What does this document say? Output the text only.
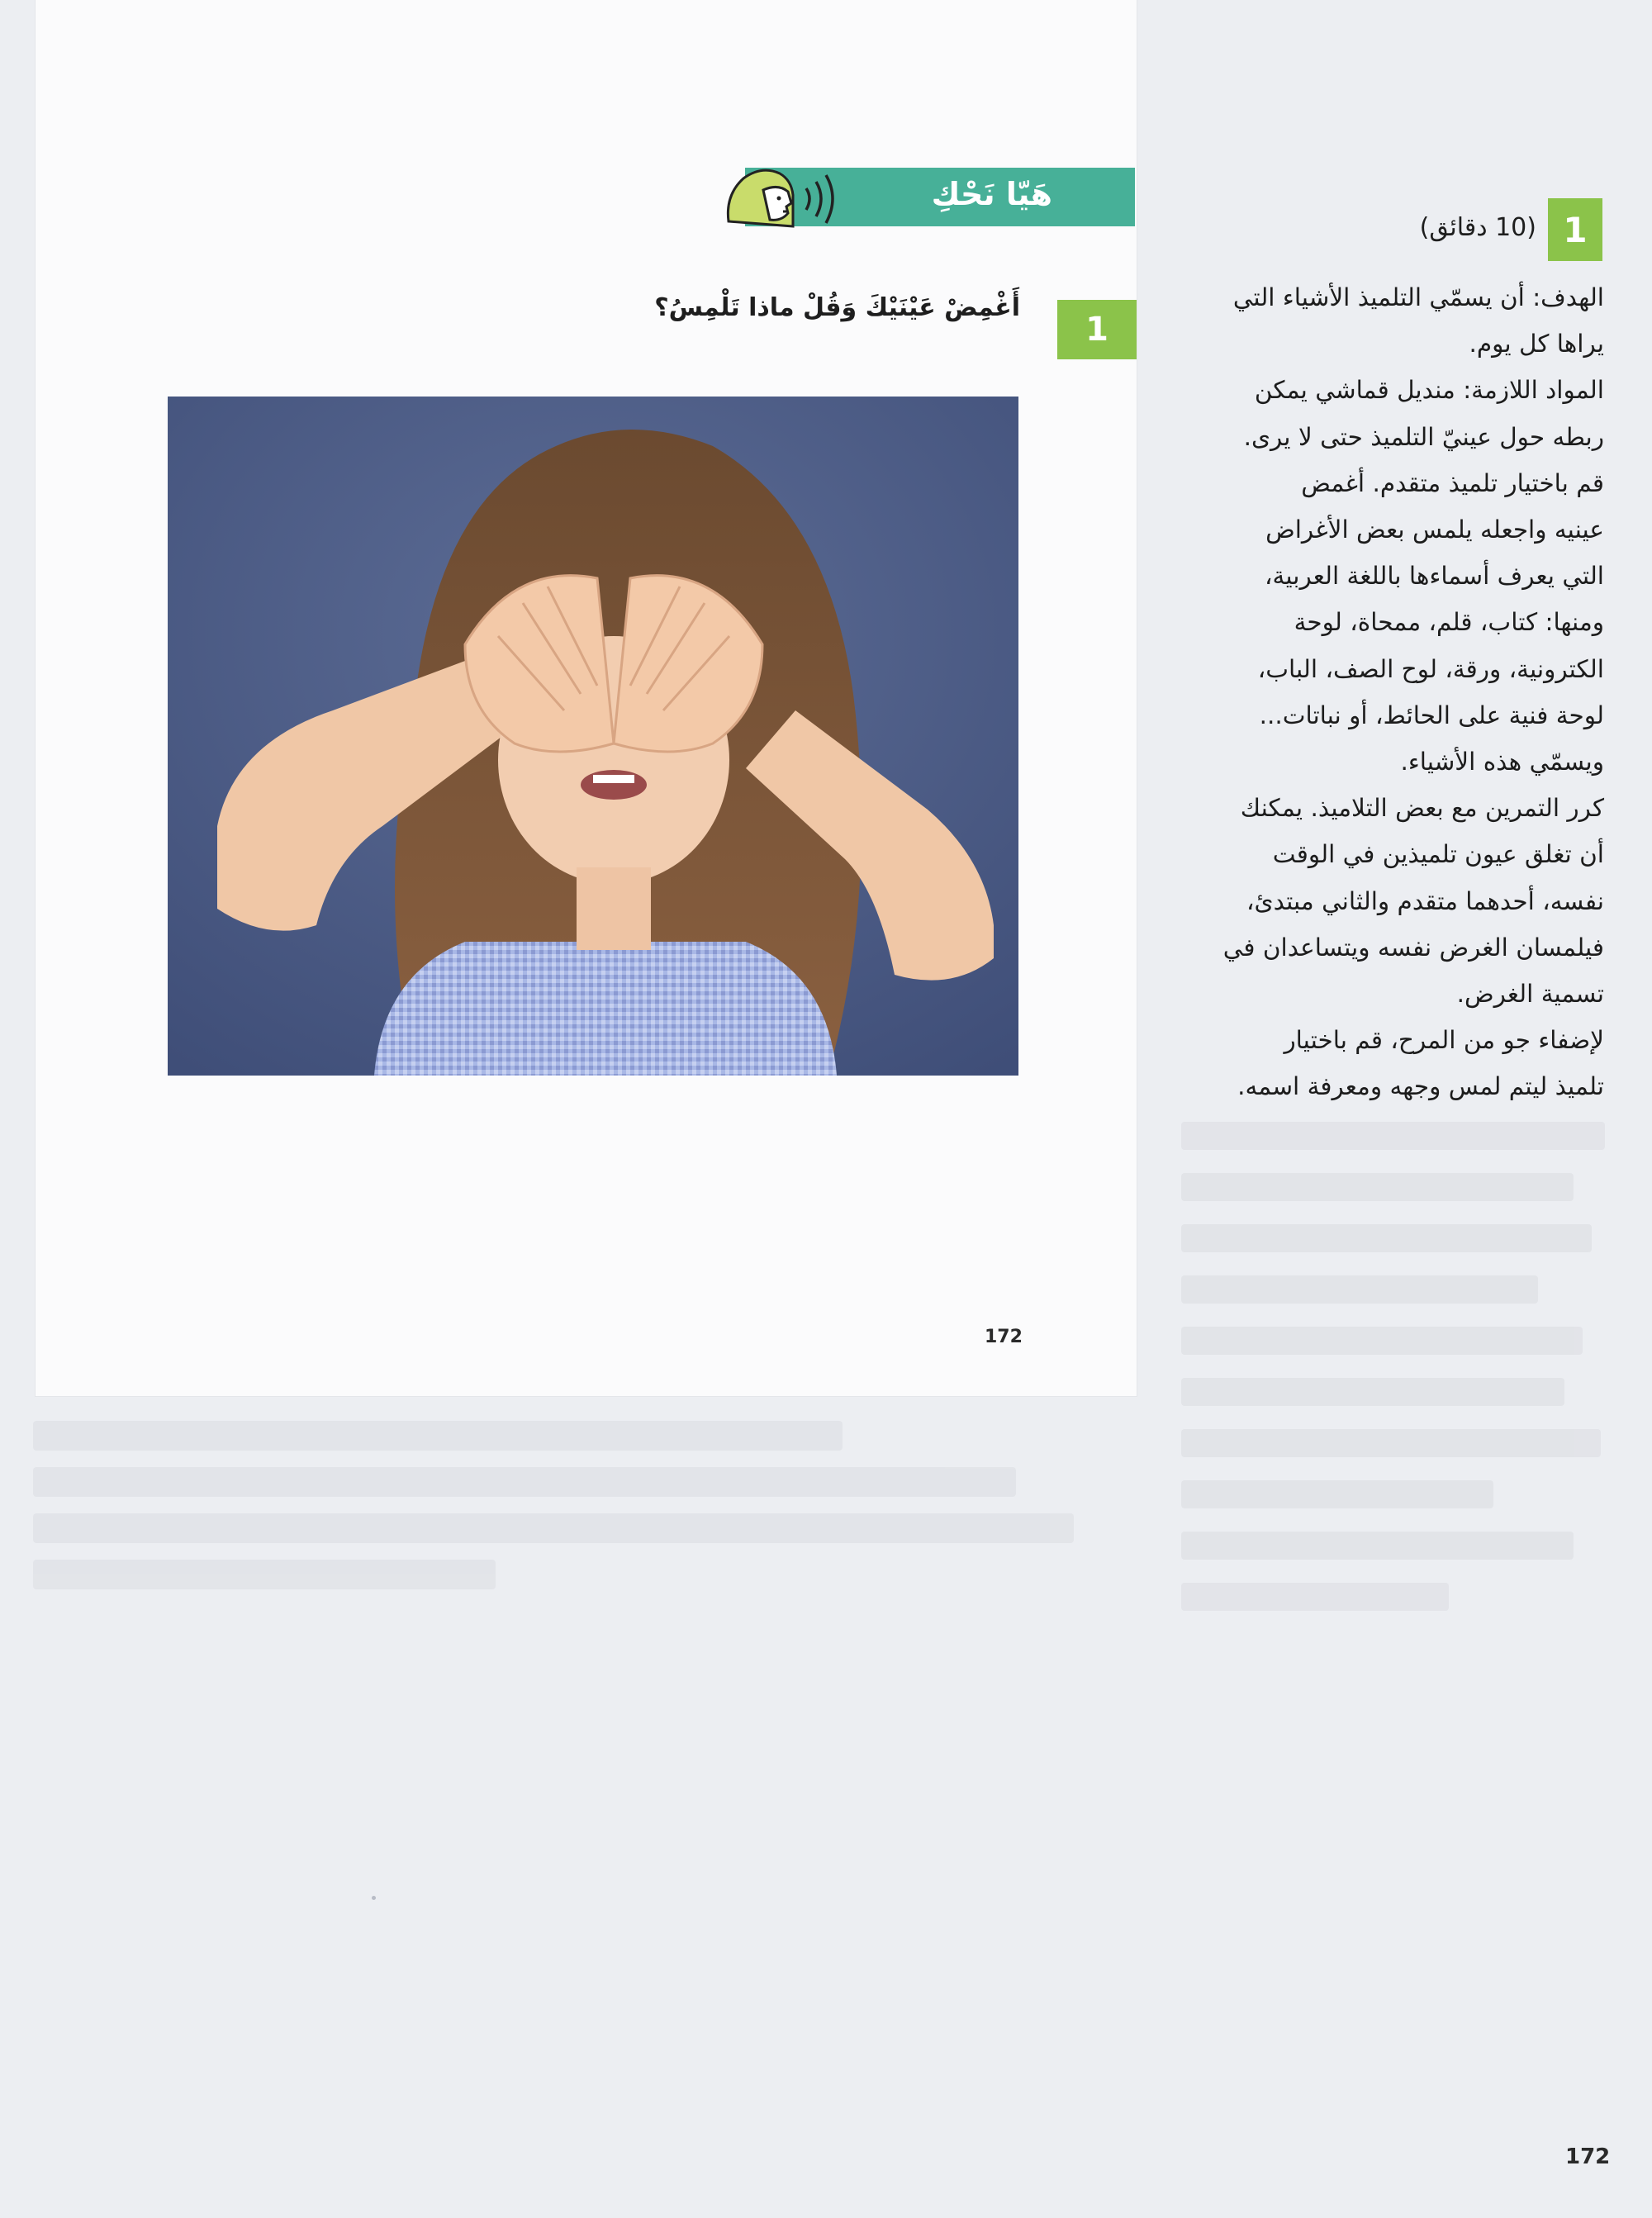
هَيّا نَحْكِ
1
أَغْمِضْ عَيْنَيْكَ وَقُلْ ماذا تَلْمِسُ؟
172
1
(10 دقائق)
الهدف: أن يسمّي التلميذ الأشياء التي
يراها كل يوم.
المواد اللازمة: منديل قماشي يمكن
ربطه حول عينيّ التلميذ حتى لا يرى.
قم باختيار تلميذ متقدم. أغمض
عينيه واجعله يلمس بعض الأغراض
التي يعرف أسماءها باللغة العربية،
ومنها: كتاب، قلم، ممحاة، لوحة
الكترونية، ورقة، لوح الصف، الباب،
لوحة فنية على الحائط، أو نباتات...
ويسمّي هذه الأشياء.
كرر التمرين مع بعض التلاميذ. يمكنك
أن تغلق عيون تلميذين في الوقت
نفسه، أحدهما متقدم والثاني مبتدئ،
فيلمسان الغرض نفسه ويتساعدان في
تسمية الغرض.
لإضفاء جو من المرح، قم باختيار
تلميذ ليتم لمس وجهه ومعرفة اسمه.
172
